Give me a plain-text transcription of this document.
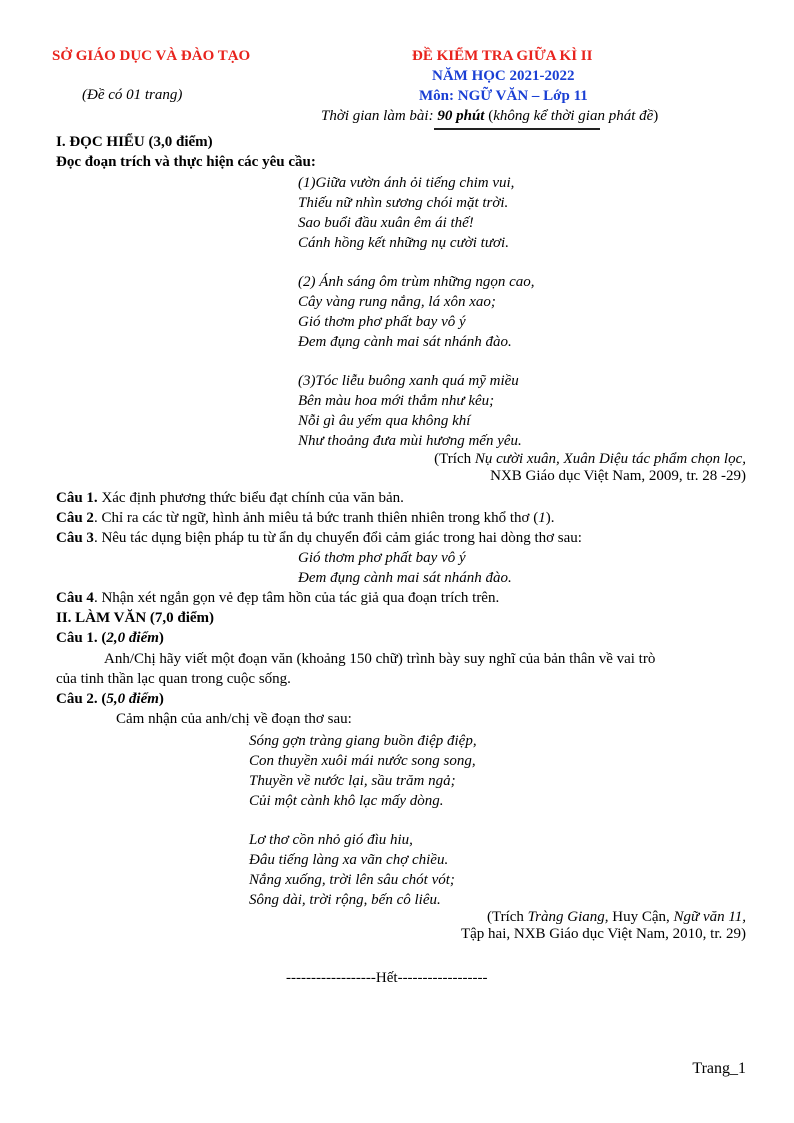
SỞ GIÁO DỤC VÀ ĐÀO TẠO
(Đề có 01 trang)
ĐỀ KIỂM TRA GIỮA KÌ II
NĂM HỌC 2021-2022
Môn: NGỮ VĂN – Lớp 11
Thời gian làm bài: 90 phút (không kể thời gian phát đề)
I. ĐỌC HIỂU (3,0 điểm)
Đọc đoạn trích và thực hiện các yêu cầu:
(1)Giữa vườn ánh ỏi tiếng chim vui,
Thiếu nữ nhìn sương chói mặt trời.
Sao buổi đầu xuân êm ái thế!
Cánh hồng kết những nụ cười tươi.
(2) Ánh sáng ôm trùm những ngọn cao,
Cây vàng rung nắng, lá xôn xao;
Gió thơm phơ phất bay vô ý
Đem đụng cành mai sát nhánh đào.
(3)Tóc liễu buông xanh quá mỹ miều
Bên màu hoa mới thắm như kêu;
Nỗi gì âu yếm qua không khí
Như thoảng đưa mùi hương mến yêu.
(Trích Nụ cười xuân, Xuân Diệu tác phẩm chọn lọc,
NXB Giáo dục Việt Nam, 2009, tr. 28 -29)
Câu 1. Xác định phương thức biểu đạt chính của văn bản.
Câu 2. Chỉ ra các từ ngữ, hình ảnh miêu tả bức tranh thiên nhiên trong khổ thơ (1).
Câu 3. Nêu tác dụng biện pháp tu từ ẩn dụ chuyển đổi cảm giác trong hai dòng thơ sau:
Gió thơm phơ phất bay vô ý
Đem đụng cành mai sát nhánh đào.
Câu 4. Nhận xét ngắn gọn vẻ đẹp tâm hồn của tác giả qua đoạn trích trên.
II. LÀM VĂN (7,0 điểm)
Câu 1. (2,0 điểm)
Anh/Chị hãy viết một đoạn văn (khoảng 150 chữ) trình bày suy nghĩ của bản thân về vai trò
của tinh thần lạc quan trong cuộc sống.
Câu 2. (5,0 điểm)
Cảm nhận của anh/chị về đoạn thơ sau:
Sóng gợn tràng giang buồn điệp điệp,
Con thuyền xuôi mái nước song song,
Thuyền về nước lại, sầu trăm ngả;
Củi một cành khô lạc mấy dòng.
Lơ thơ cồn nhỏ gió đìu hiu,
Đâu tiếng làng xa vãn chợ chiều.
Nắng xuống, trời lên sâu chót vót;
Sông dài, trời rộng, bến cô liêu.
(Trích Tràng Giang, Huy Cận, Ngữ văn 11,
Tập hai, NXB Giáo dục Việt Nam, 2010, tr. 29)
------------------Hết------------------
Trang_1
